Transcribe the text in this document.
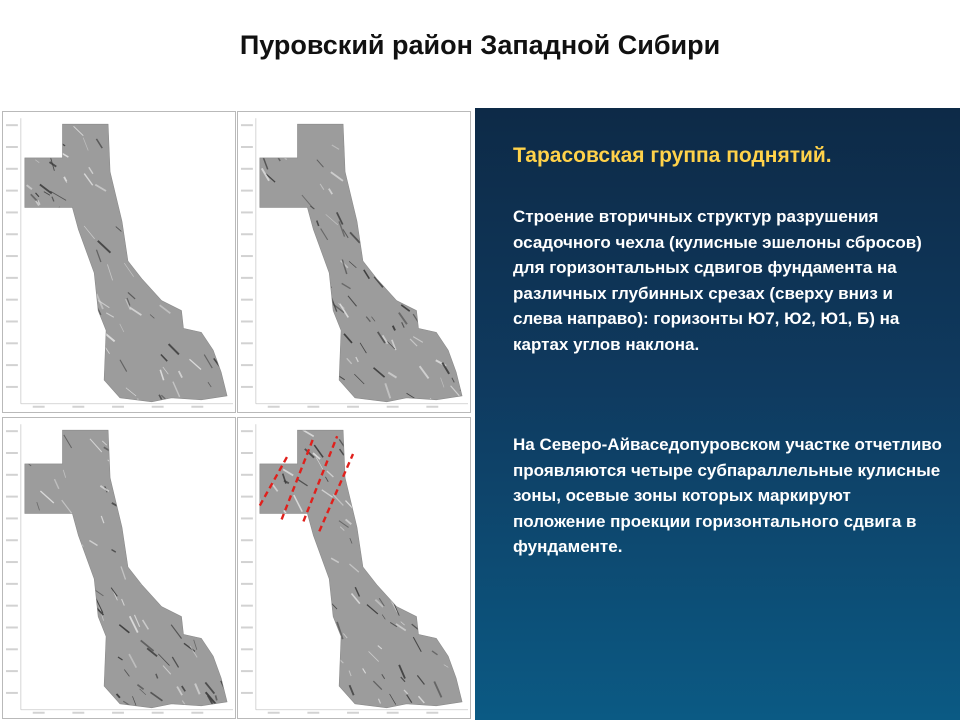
Пуровский район Западной Сибири
Тарасовская группа поднятий.
Строение вторичных структур разрушения осадочного чехла (кулисные эшелоны сбросов) для горизонтальных сдвигов фундамента на различных глубинных срезах (сверху вниз и слева направо): горизонты Ю7, Ю2, Ю1, Б) на картах углов наклона.
На Северо-Айваседопуровском участке отчетливо проявляются четыре субпараллельные кулисные зоны, осевые зоны которых маркируют положение проекции горизонтального сдвига в фундаменте.
